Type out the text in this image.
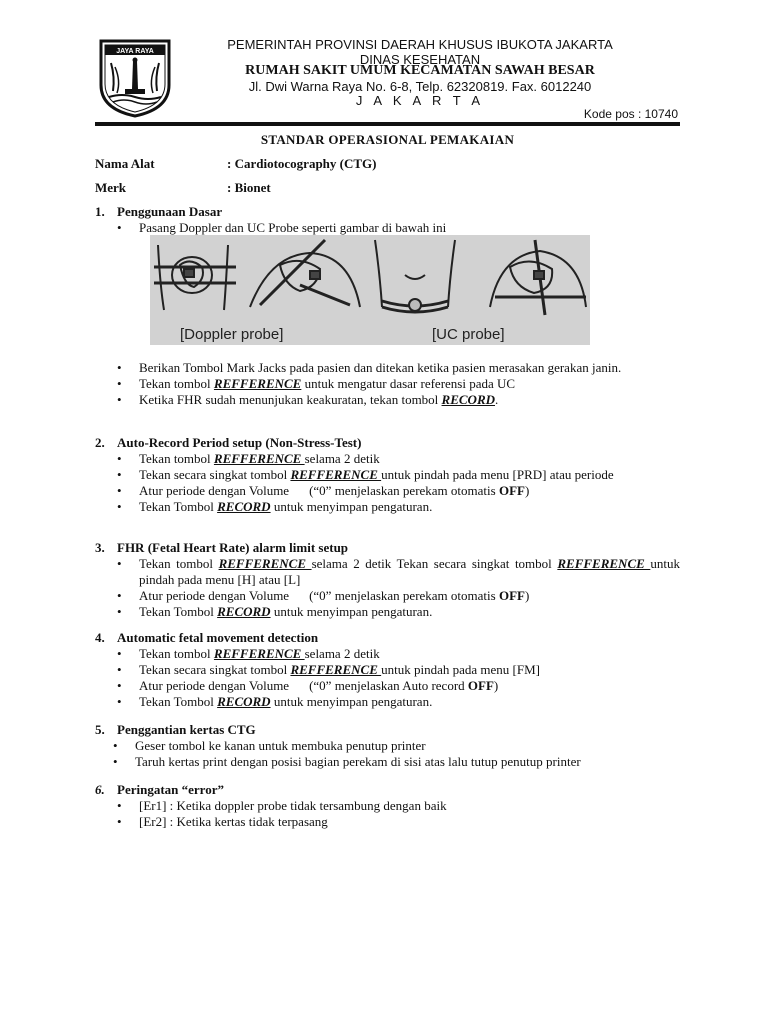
JAYA RAYA	PEMERINTAH PROVINSI DAERAH KHUSUS IBUKOTA JAKARTA
DINAS KESEHATAN
RUMAH SAKIT UMUM KECAMATAN SAWAH BESAR
Jl. Dwi Warna Raya No. 6-8, Telp. 62320819. Fax. 6012240
J A K A R T A
Kode pos : 10740
STANDAR OPERASIONAL PEMAKAIAN
Nama Alat	: Cardiotocography (CTG)
Merk	: Bionet
1. Penggunaan Dasar
• Pasang Doppler dan UC Probe seperti gambar di bawah ini
[Doppler probe]	[UC probe]
• Berikan Tombol Mark Jacks pada pasien dan ditekan ketika pasien merasakan gerakan janin.
• Tekan tombol REFFERENCE untuk mengatur dasar referensi pada UC
• Ketika FHR sudah menunjukan keakuratan, tekan tombol RECORD.
2. Auto-Record Period setup (Non-Stress-Test)
• Tekan tombol REFFERENCE selama 2 detik
• Tekan secara singkat tombol REFFERENCE untuk pindah pada menu [PRD] atau periode
• Atur periode dengan Volume (“0” menjelaskan perekam otomatis OFF)
• Tekan Tombol RECORD untuk menyimpan pengaturan.
3. FHR (Fetal Heart Rate) alarm limit setup
• Tekan tombol REFFERENCE selama 2 detik Tekan secara singkat tombol REFFERENCE untuk pindah pada menu [H] atau [L]
• Atur periode dengan Volume (“0” menjelaskan perekam otomatis OFF)
• Tekan Tombol RECORD untuk menyimpan pengaturan.
4. Automatic fetal movement detection
• Tekan tombol REFFERENCE selama 2 detik
• Tekan secara singkat tombol REFFERENCE untuk pindah pada menu [FM]
• Atur periode dengan Volume (“0” menjelaskan Auto record OFF)
• Tekan Tombol RECORD untuk menyimpan pengaturan.
5. Penggantian kertas CTG
• Geser tombol ke kanan untuk membuka penutup printer
• Taruh kertas print dengan posisi bagian perekam di sisi atas lalu tutup penutup printer
6. Peringatan “error”
• [Er1] : Ketika doppler probe tidak tersambung dengan baik
• [Er2] : Ketika kertas tidak terpasang
